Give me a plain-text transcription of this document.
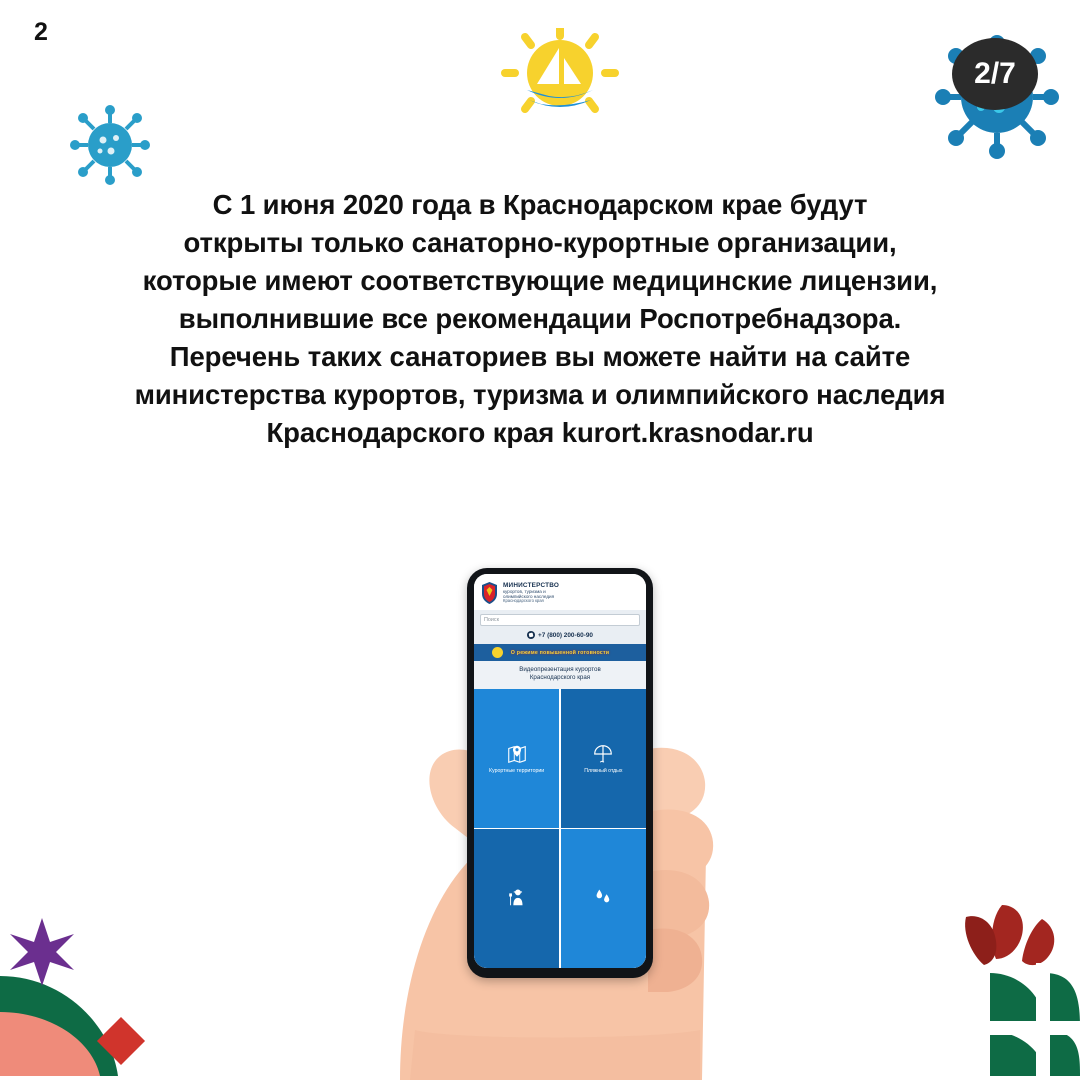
2
2/7
С 1 июня 2020 года в Краснодарском крае будут
открыты только санаторно-курортные организации,
которые имеют соответствующие медицинские лицензии,
выполнившие все рекомендации Роспотребнадзора.
Перечень таких санаториев вы можете найти на сайте
министерства курортов, туризма и олимпийского наследия
Краснодарского края kurort.krasnodar.ru
МИНИСТЕРСТВО
курортов, туризма и
олимпийского наследия
Краснодарского края
Поиск
+7 (800) 200-60-90
О режиме повышенной готовности
Видеопрезентация курортов
Краснодарского края
Курортные территории	Пляжный отдых
